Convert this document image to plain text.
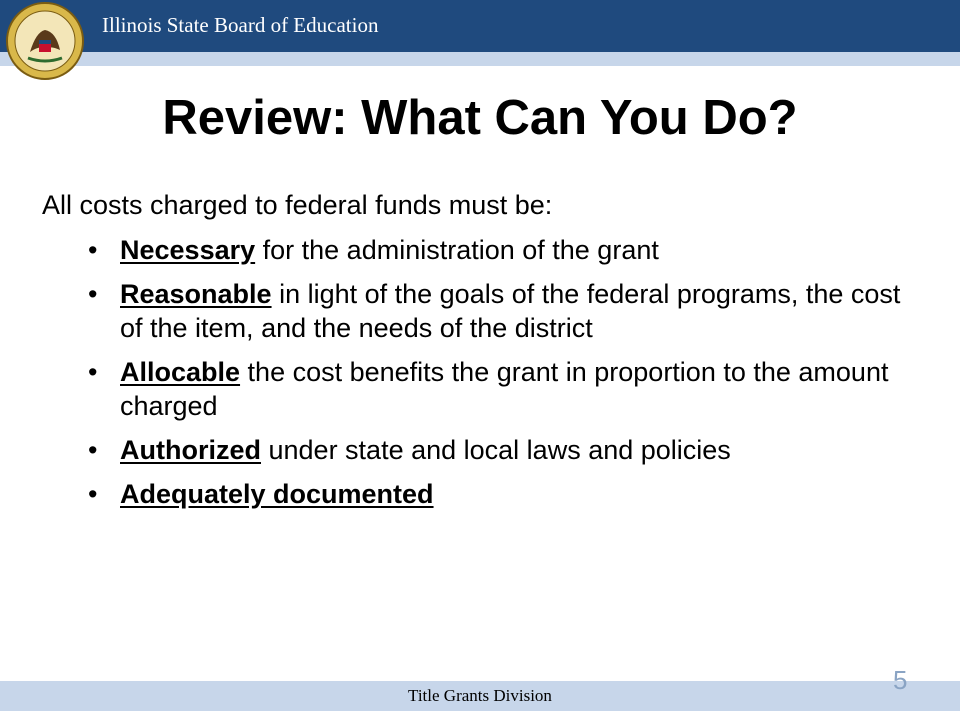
Illinois State Board of Education
Review: What Can You Do?
All costs charged to federal funds must be:
• Necessary for the administration of the grant
• Reasonable in light of the goals of the federal programs, the cost of the item, and the needs of the district
• Allocable the cost benefits the grant in proportion to the amount charged
• Authorized under state and local laws and policies
• Adequately documented
Title Grants Division
5
